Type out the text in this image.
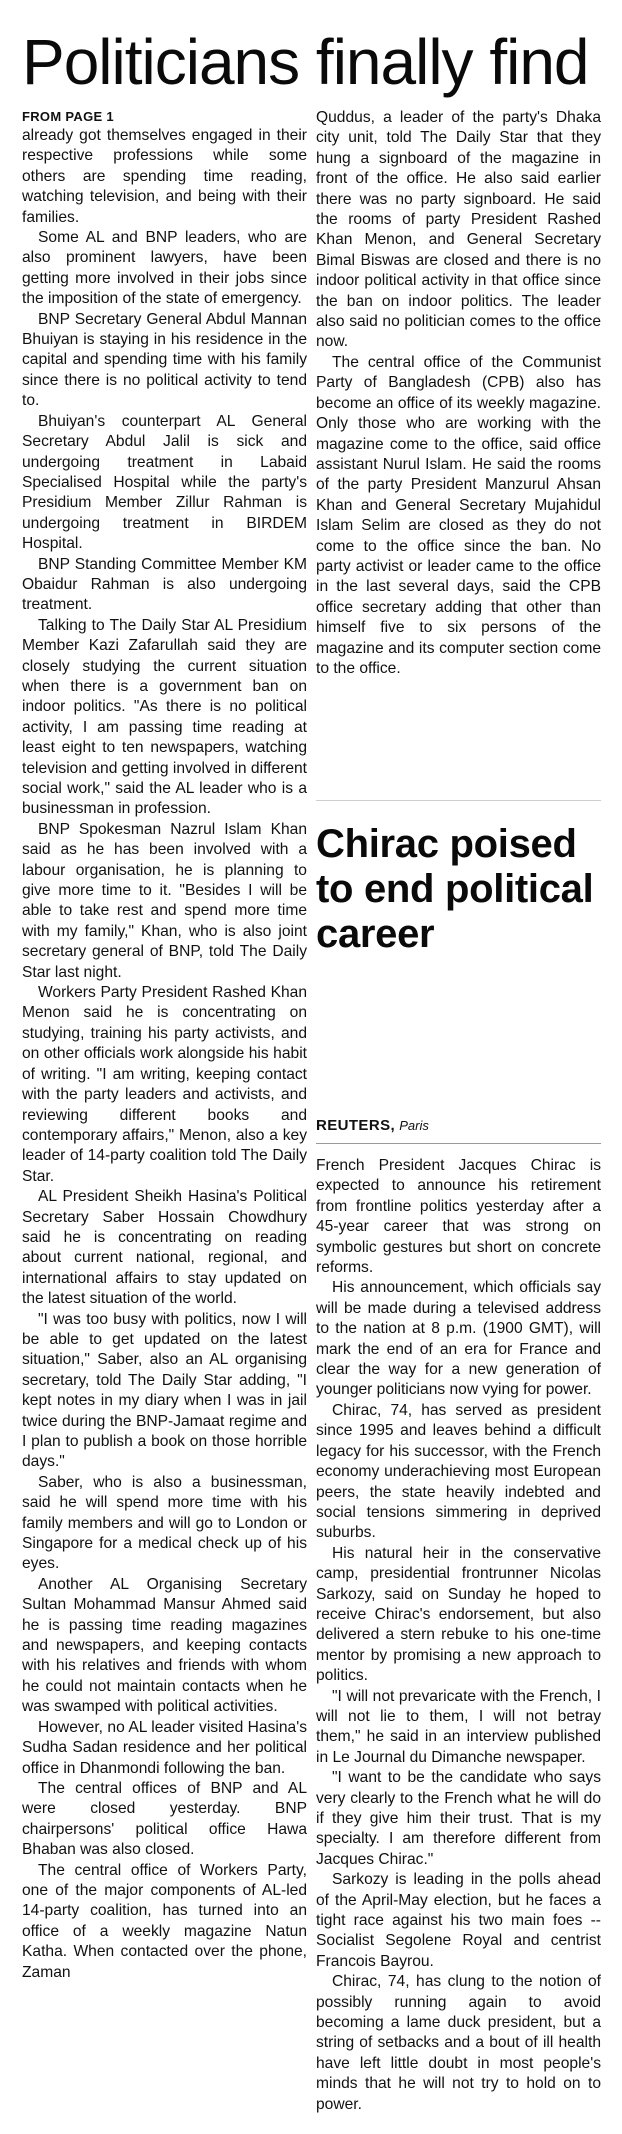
Politicians finally find
FROM PAGE 1

already got themselves engaged in their respective professions while some others are spending time reading, watching television, and being with their families.

Some AL and BNP leaders, who are also prominent lawyers, have been getting more involved in their jobs since the imposition of the state of emergency.

BNP Secretary General Abdul Mannan Bhuiyan is staying in his residence in the capital and spending time with his family since there is no political activity to tend to.

Bhuiyan's counterpart AL General Secretary Abdul Jalil is sick and undergoing treatment in Labaid Specialised Hospital while the party's Presidium Member Zillur Rahman is undergoing treatment in BIRDEM Hospital.

BNP Standing Committee Member KM Obaidur Rahman is also undergoing treatment.

Talking to The Daily Star AL Presidium Member Kazi Zafarullah said they are closely studying the current situation when there is a government ban on indoor politics. "As there is no political activity, I am passing time reading at least eight to ten newspapers, watching television and getting involved in different social work," said the AL leader who is a businessman in profession.

BNP Spokesman Nazrul Islam Khan said as he has been involved with a labour organisation, he is planning to give more time to it. "Besides I will be able to take rest and spend more time with my family," Khan, who is also joint secretary general of BNP, told The Daily Star last night.

Workers Party President Rashed Khan Menon said he is concentrating on studying, training his party activists, and on other officials work alongside his habit of writing. "I am writing, keeping contact with the party leaders and activists, and reviewing different books and contemporary affairs," Menon, also a key leader of 14-party coalition told The Daily Star.

AL President Sheikh Hasina's Political Secretary Saber Hossain Chowdhury said he is concentrating on reading about current national, regional, and international affairs to stay updated on the latest situation of the world.

"I was too busy with politics, now I will be able to get updated on the latest situation," Saber, also an AL organising secretary, told The Daily Star adding, "I kept notes in my diary when I was in jail twice during the BNP-Jamaat regime and I plan to publish a book on those horrible days."

Saber, who is also a businessman, said he will spend more time with his family members and will go to London or Singapore for a medical check up of his eyes.

Another AL Organising Secretary Sultan Mohammad Mansur Ahmed said he is passing time reading magazines and newspapers, and keeping contacts with his relatives and friends with whom he could not maintain contacts when he was swamped with political activities.

However, no AL leader visited Hasina's Sudha Sadan residence and her political office in Dhanmondi following the ban.

The central offices of BNP and AL were closed yesterday. BNP chairpersons' political office Hawa Bhaban was also closed.

The central office of Workers Party, one of the major components of AL-led 14-party coalition, has turned into an office of a weekly magazine Natun Katha. When contacted over the phone, Zaman

Quddus, a leader of the party's Dhaka city unit, told The Daily Star that they hung a signboard of the magazine in front of the office. He also said earlier there was no party signboard. He said the rooms of party President Rashed Khan Menon, and General Secretary Bimal Biswas are closed and there is no indoor political activity in that office since the ban on indoor politics. The leader also said no politician comes to the office now.

The central office of the Communist Party of Bangladesh (CPB) also has become an office of its weekly magazine. Only those who are working with the magazine come to the office, said office assistant Nurul Islam. He said the rooms of the party President Manzurul Ahsan Khan and General Secretary Mujahidul Islam Selim are closed as they do not come to the office since the ban. No party activist or leader came to the office in the last several days, said the CPB office secretary adding that other than himself five to six persons of the magazine and its computer section come to the office.

Chirac poised to end political career
REUTERS, Paris

French President Jacques Chirac is expected to announce his retirement from frontline politics yesterday after a 45-year career that was strong on symbolic gestures but short on concrete reforms.

His announcement, which officials say will be made during a televised address to the nation at 8 p.m. (1900 GMT), will mark the end of an era for France and clear the way for a new generation of younger politicians now vying for power.

Chirac, 74, has served as president since 1995 and leaves behind a difficult legacy for his successor, with the French economy underachieving most European peers, the state heavily indebted and social tensions simmering in deprived suburbs.

His natural heir in the conservative camp, presidential frontrunner Nicolas Sarkozy, said on Sunday he hoped to receive Chirac's endorsement, but also delivered a stern rebuke to his one-time mentor by promising a new approach to politics.

"I will not prevaricate with the French, I will not lie to them, I will not betray them," he said in an interview published in Le Journal du Dimanche newspaper.

"I want to be the candidate who says very clearly to the French what he will do if they give him their trust. That is my specialty. I am therefore different from Jacques Chirac."

Sarkozy is leading in the polls ahead of the April-May election, but he faces a tight race against his two main foes -- Socialist Segolene Royal and centrist Francois Bayrou.

Chirac, 74, has clung to the notion of possibly running again to avoid becoming a lame duck president, but a string of setbacks and a bout of ill health have left little doubt in most people's minds that he will not try to hold on to power.
